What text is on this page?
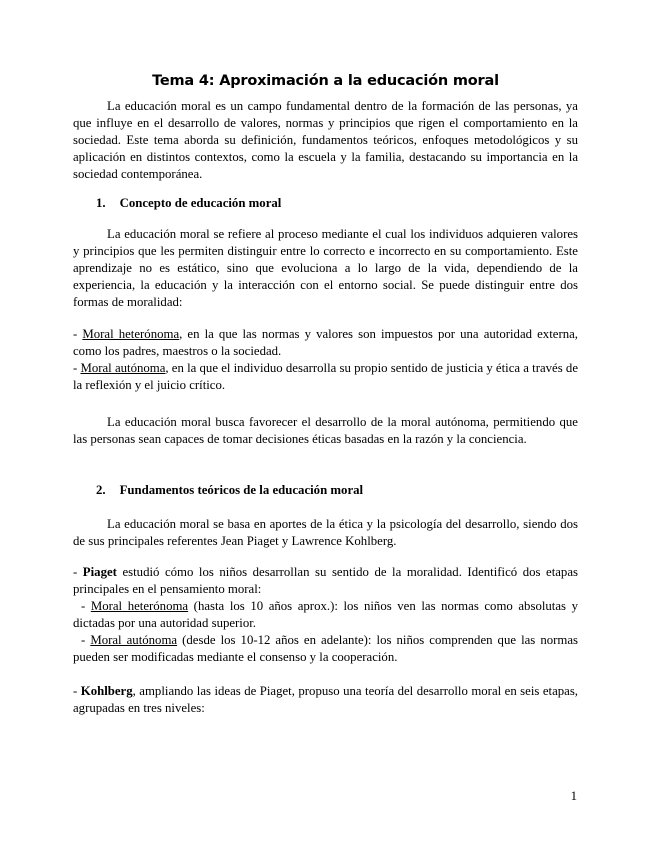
Tema 4: Aproximación a la educación moral

La educación moral es un campo fundamental dentro de la formación de las personas, ya que influye en el desarrollo de valores, normas y principios que rigen el comportamiento en la sociedad. Este tema aborda su definición, fundamentos teóricos, enfoques metodológicos y su aplicación en distintos contextos, como la escuela y la familia, destacando su importancia en la sociedad contemporánea.

1. Concepto de educación moral

La educación moral se refiere al proceso mediante el cual los individuos adquieren valores y principios que les permiten distinguir entre lo correcto e incorrecto en su comportamiento. Este aprendizaje no es estático, sino que evoluciona a lo largo de la vida, dependiendo de la experiencia, la educación y la interacción con el entorno social. Se puede distinguir entre dos formas de moralidad:

- Moral heterónoma, en la que las normas y valores son impuestos por una autoridad externa, como los padres, maestros o la sociedad.

- Moral autónoma, en la que el individuo desarrolla su propio sentido de justicia y ética a través de la reflexión y el juicio crítico.

La educación moral busca favorecer el desarrollo de la moral autónoma, permitiendo que las personas sean capaces de tomar decisiones éticas basadas en la razón y la conciencia.

2. Fundamentos teóricos de la educación moral

La educación moral se basa en aportes de la ética y la psicología del desarrollo, siendo dos de sus principales referentes Jean Piaget y Lawrence Kohlberg.

- Piaget estudió cómo los niños desarrollan su sentido de la moralidad. Identificó dos etapas principales en el pensamiento moral:

- Moral heterónoma (hasta los 10 años aprox.): los niños ven las normas como absolutas y dictadas por una autoridad superior.

- Moral autónoma (desde los 10-12 años en adelante): los niños comprenden que las normas pueden ser modificadas mediante el consenso y la cooperación.

- Kohlberg, ampliando las ideas de Piaget, propuso una teoría del desarrollo moral en seis etapas, agrupadas en tres niveles:

1
